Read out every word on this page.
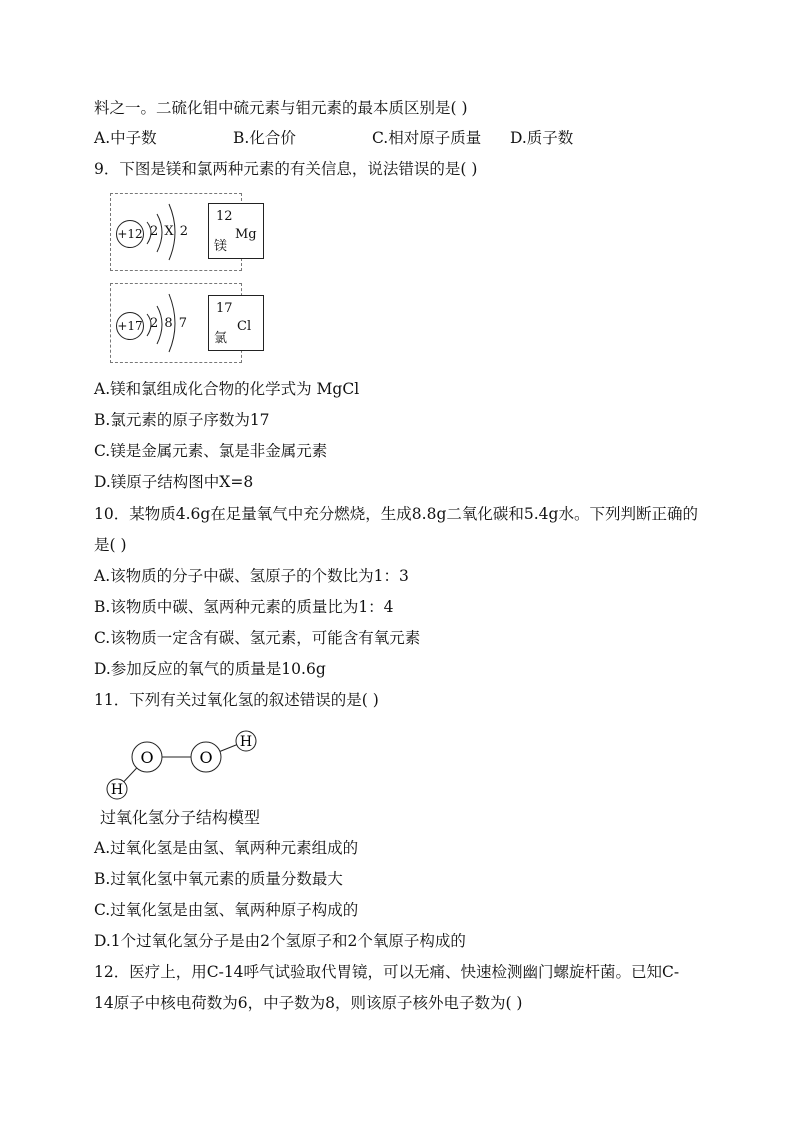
料之一。二硫化钼中硫元素与钼元素的最本质区别是( )
A.中子数	B.化合价	C.相对原子质量 D.质子数
9．下图是镁和氯两种元素的有关信息，说法错误的是( )
+12 2 X 2
12
Mg
镁
+17 2 8 7
17
Cl
氯
A.镁和氯组成化合物的化学式为 MgCl
B.氯元素的原子序数为17
C.镁是金属元素、氯是非金属元素
D.镁原子结构图中X=8
10．某物质4.6g在足量氧气中充分燃烧，生成8.8g二氧化碳和5.4g水。下列判断正确的
是( )
A.该物质的分子中碳、氢原子的个数比为1：3
B.该物质中碳、氢两种元素的质量比为1：4
C.该物质一定含有碳、氢元素，可能含有氧元素
D.参加反应的氧气的质量是10.6g
11．下列有关过氧化氢的叙述错误的是( )
H
O	O
H
过氧化氢分子结构模型
A.过氧化氢是由氢、氧两种元素组成的
B.过氧化氢中氧元素的质量分数最大
C.过氧化氢是由氢、氧两种原子构成的
D.1个过氧化氢分子是由2个氢原子和2个氧原子构成的
12．医疗上，用C-14呼气试验取代胃镜，可以无痛、快速检测幽门螺旋杆菌。已知C-
14原子中核电荷数为6，中子数为8，则该原子核外电子数为( )
